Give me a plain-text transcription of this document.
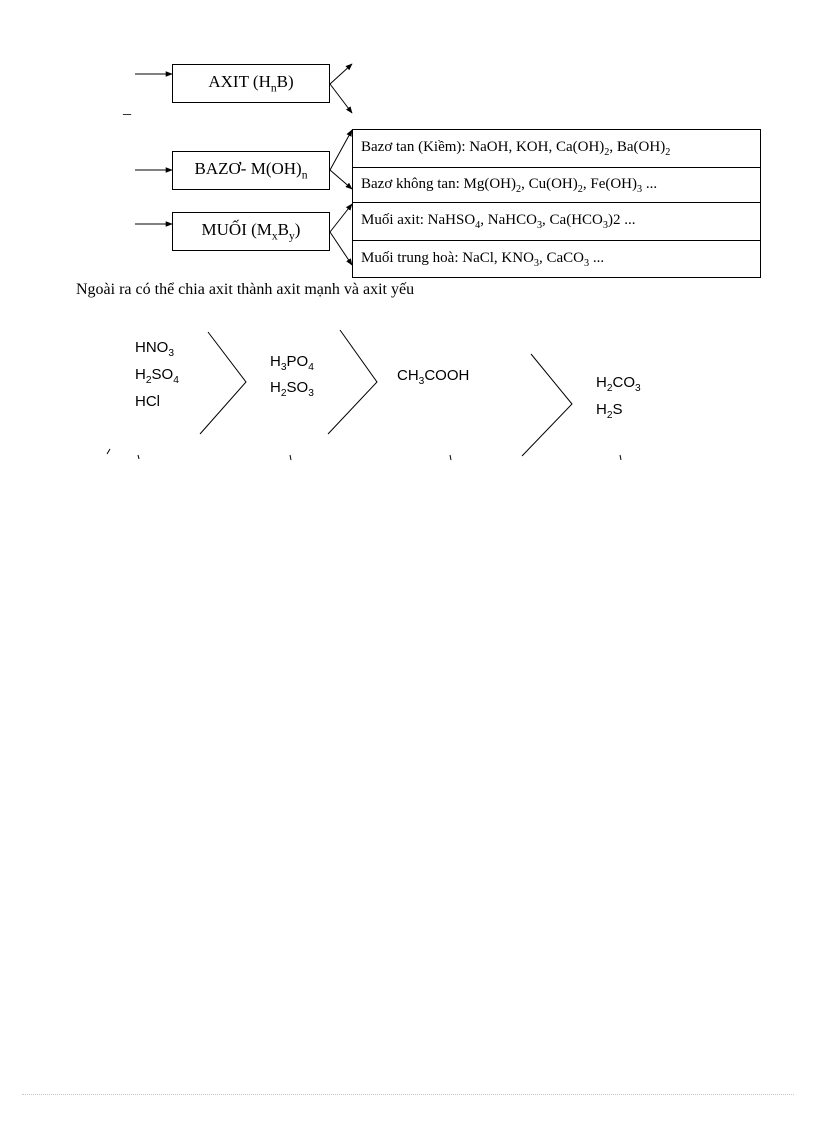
AXIT $(H_nB)$
_
BAZƠ- $M(OH)_n$
MUỐI $(M_xB_y)$
Bazơ tan (Kiềm): NaOH, KOH, $Ca(OH)_2$, $Ba(OH)_2$
Bazơ không tan: $Mg(OH)_2$, $Cu(OH)_2$, $Fe(OH)_3$ ...
Muối axit: NaHSO$_4$, NaHCO$_3$, $Ca(HCO_3)2$ ...
Muối trung hoà: NaCl, $KNO_3$, CaCO$_3$ ...
Ngoài ra có thể chia axit thành axit mạnh và axit yếu
$HNO_3$
$H_2SO_4$
HCl
$H_3PO_4$
$H_2SO_3$
$CH_3COOH$	$H_2CO_3$
$H_2S$
